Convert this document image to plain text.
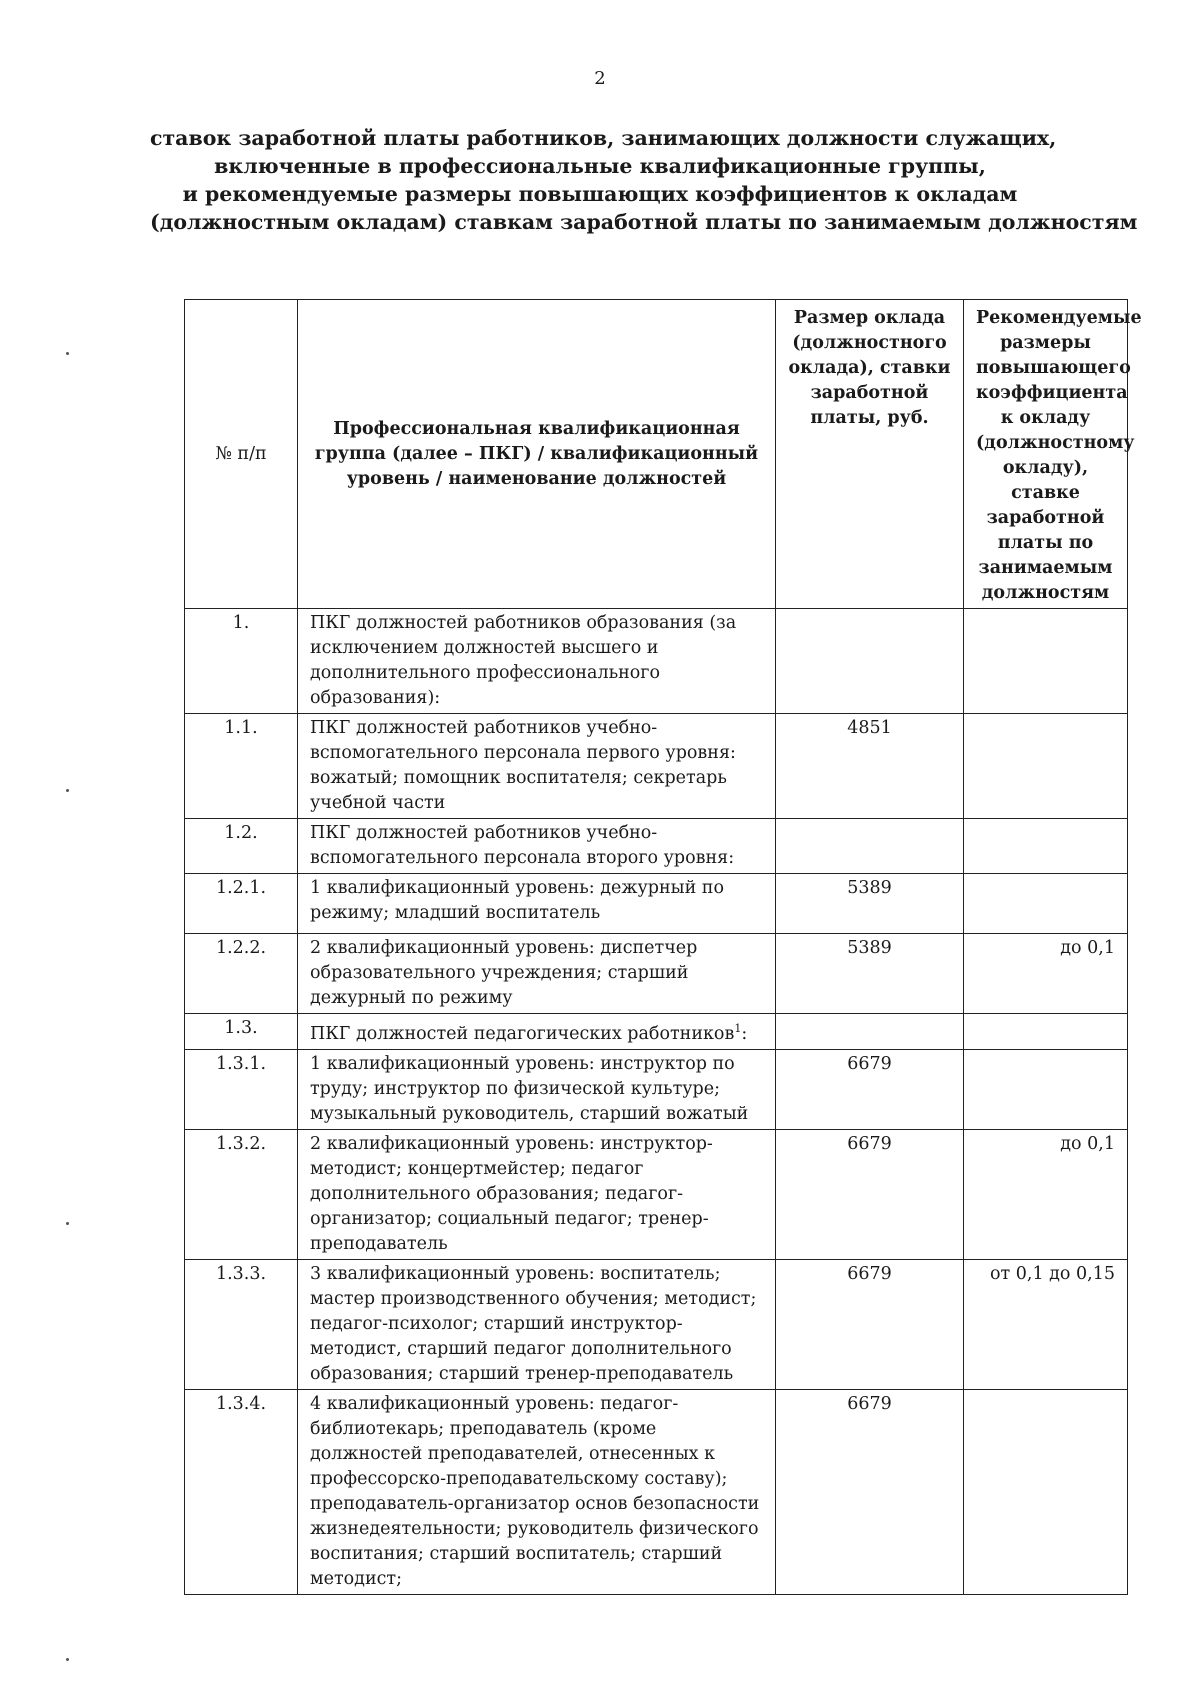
2
ставок заработной платы работников, занимающих должности служащих,
включенные в профессиональные квалификационные группы,
и рекомендуемые размеры повышающих коэффициентов к окладам
(должностным окладам) ставкам заработной платы по занимаемым должностям
№ п/п	Профессиональная квалификационная группа (далее – ПКГ) / квалификационный уровень / наименование должностей	Размер оклада (должностного оклада), ставки заработной платы, руб.	Рекомендуемые размеры повышающего коэффициента к окладу (должностному окладу), ставке заработной платы по занимаемым должностям
1.	ПКГ должностей работников образования (за исключением должностей высшего и дополнительного профессионального образования):		
1.1.	ПКГ должностей работников учебно-вспомогательного персонала первого уровня: вожатый; помощник воспитателя; секретарь учебной части	4851	
1.2.	ПКГ должностей работников учебно-вспомогательного персонала второго уровня:		
1.2.1.	1 квалификационный уровень: дежурный по режиму; младший воспитатель	5389	
1.2.2.	2 квалификационный уровень: диспетчер образовательного учреждения; старший дежурный по режиму	5389	до 0,1
1.3.	ПКГ должностей педагогических работников$^1$:		
1.3.1.	1 квалификационный уровень: инструктор по труду; инструктор по физической культуре; музыкальный руководитель, старший вожатый	6679	
1.3.2.	2 квалификационный уровень: инструктор-методист; концертмейстер; педагог дополнительного образования; педагог-организатор; социальный педагог; тренер-преподаватель	6679	до 0,1
1.3.3.	3 квалификационный уровень: воспитатель; мастер производственного обучения; методист; педагог-психолог; старший инструктор-методист, старший педагог дополнительного образования; старший тренер-преподаватель	6679	от 0,1 до 0,15
1.3.4.	4 квалификационный уровень: педагог-библиотекарь; преподаватель (кроме должностей преподавателей, отнесенных к профессорско-преподавательскому составу); преподаватель-организатор основ безопасности жизнедеятельности; руководитель физического воспитания; старший воспитатель; старший методист;	6679	
